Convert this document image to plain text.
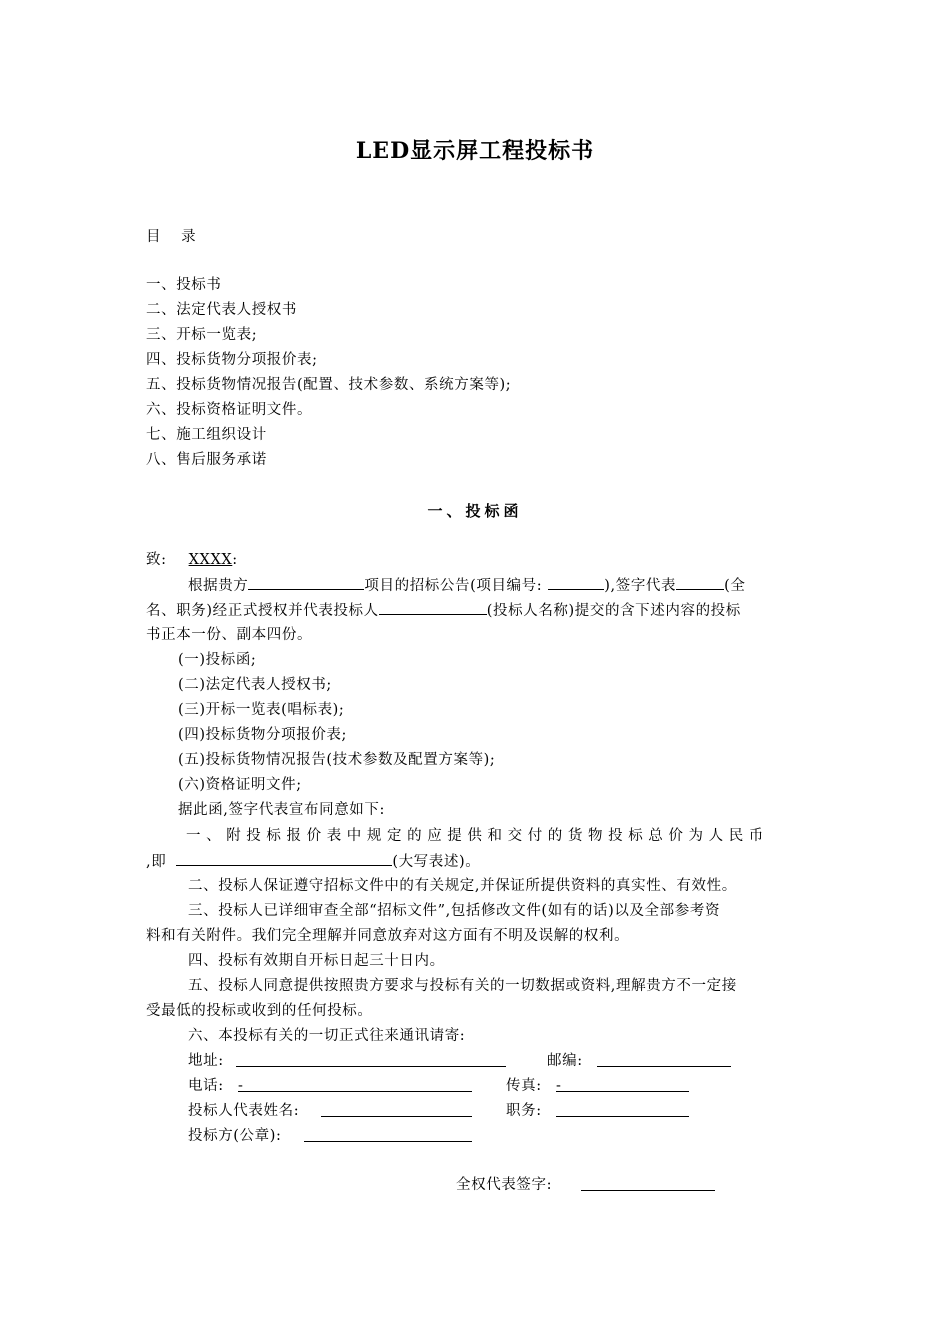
LED显示屏工程投标书
目 录
一、投标书
二、法定代表人授权书
三、开标一览表;
四、投标货物分项报价表;
五、投标货物情况报告(配置、技术参数、系统方案等);
六、投标资格证明文件。
七、施工组织设计
八、售后服务承诺
一、投标函
致: XXXX:
根据贵方	项目的招标公告(项目编号:	),签字代表	(全
名、职务)经正式授权并代表投标人	(投标人名称)提交的含下述内容的投标
书正本一份、副本四份。
(一)投标函;
(二)法定代表人授权书;
(三)开标一览表(唱标表);
(四)投标货物分项报价表;
(五)投标货物情况报告(技术参数及配置方案等);
(六)资格证明文件;
据此函,签字代表宣布同意如下:
一、附投标报价表中规定的应提供和交付的货物投标总价为人民币
,即	(大写表述)。
二、投标人保证遵守招标文件中的有关规定,并保证所提供资料的真实性、有效性。
三、投标人已详细审查全部“招标文件”,包括修改文件(如有的话)以及全部参考资
料和有关附件。我们完全理解并同意放弃对这方面有不明及误解的权利。
四、投标有效期自开标日起三十日内。
五、投标人同意提供按照贵方要求与投标有关的一切数据或资料,理解贵方不一定接
受最低的投标或收到的任何投标。
六、本投标有关的一切正式往来通讯请寄:
地址:	邮编:
电话: -	传真: -
投标人代表姓名:	职务:
投标方(公章):
全权代表签字:
